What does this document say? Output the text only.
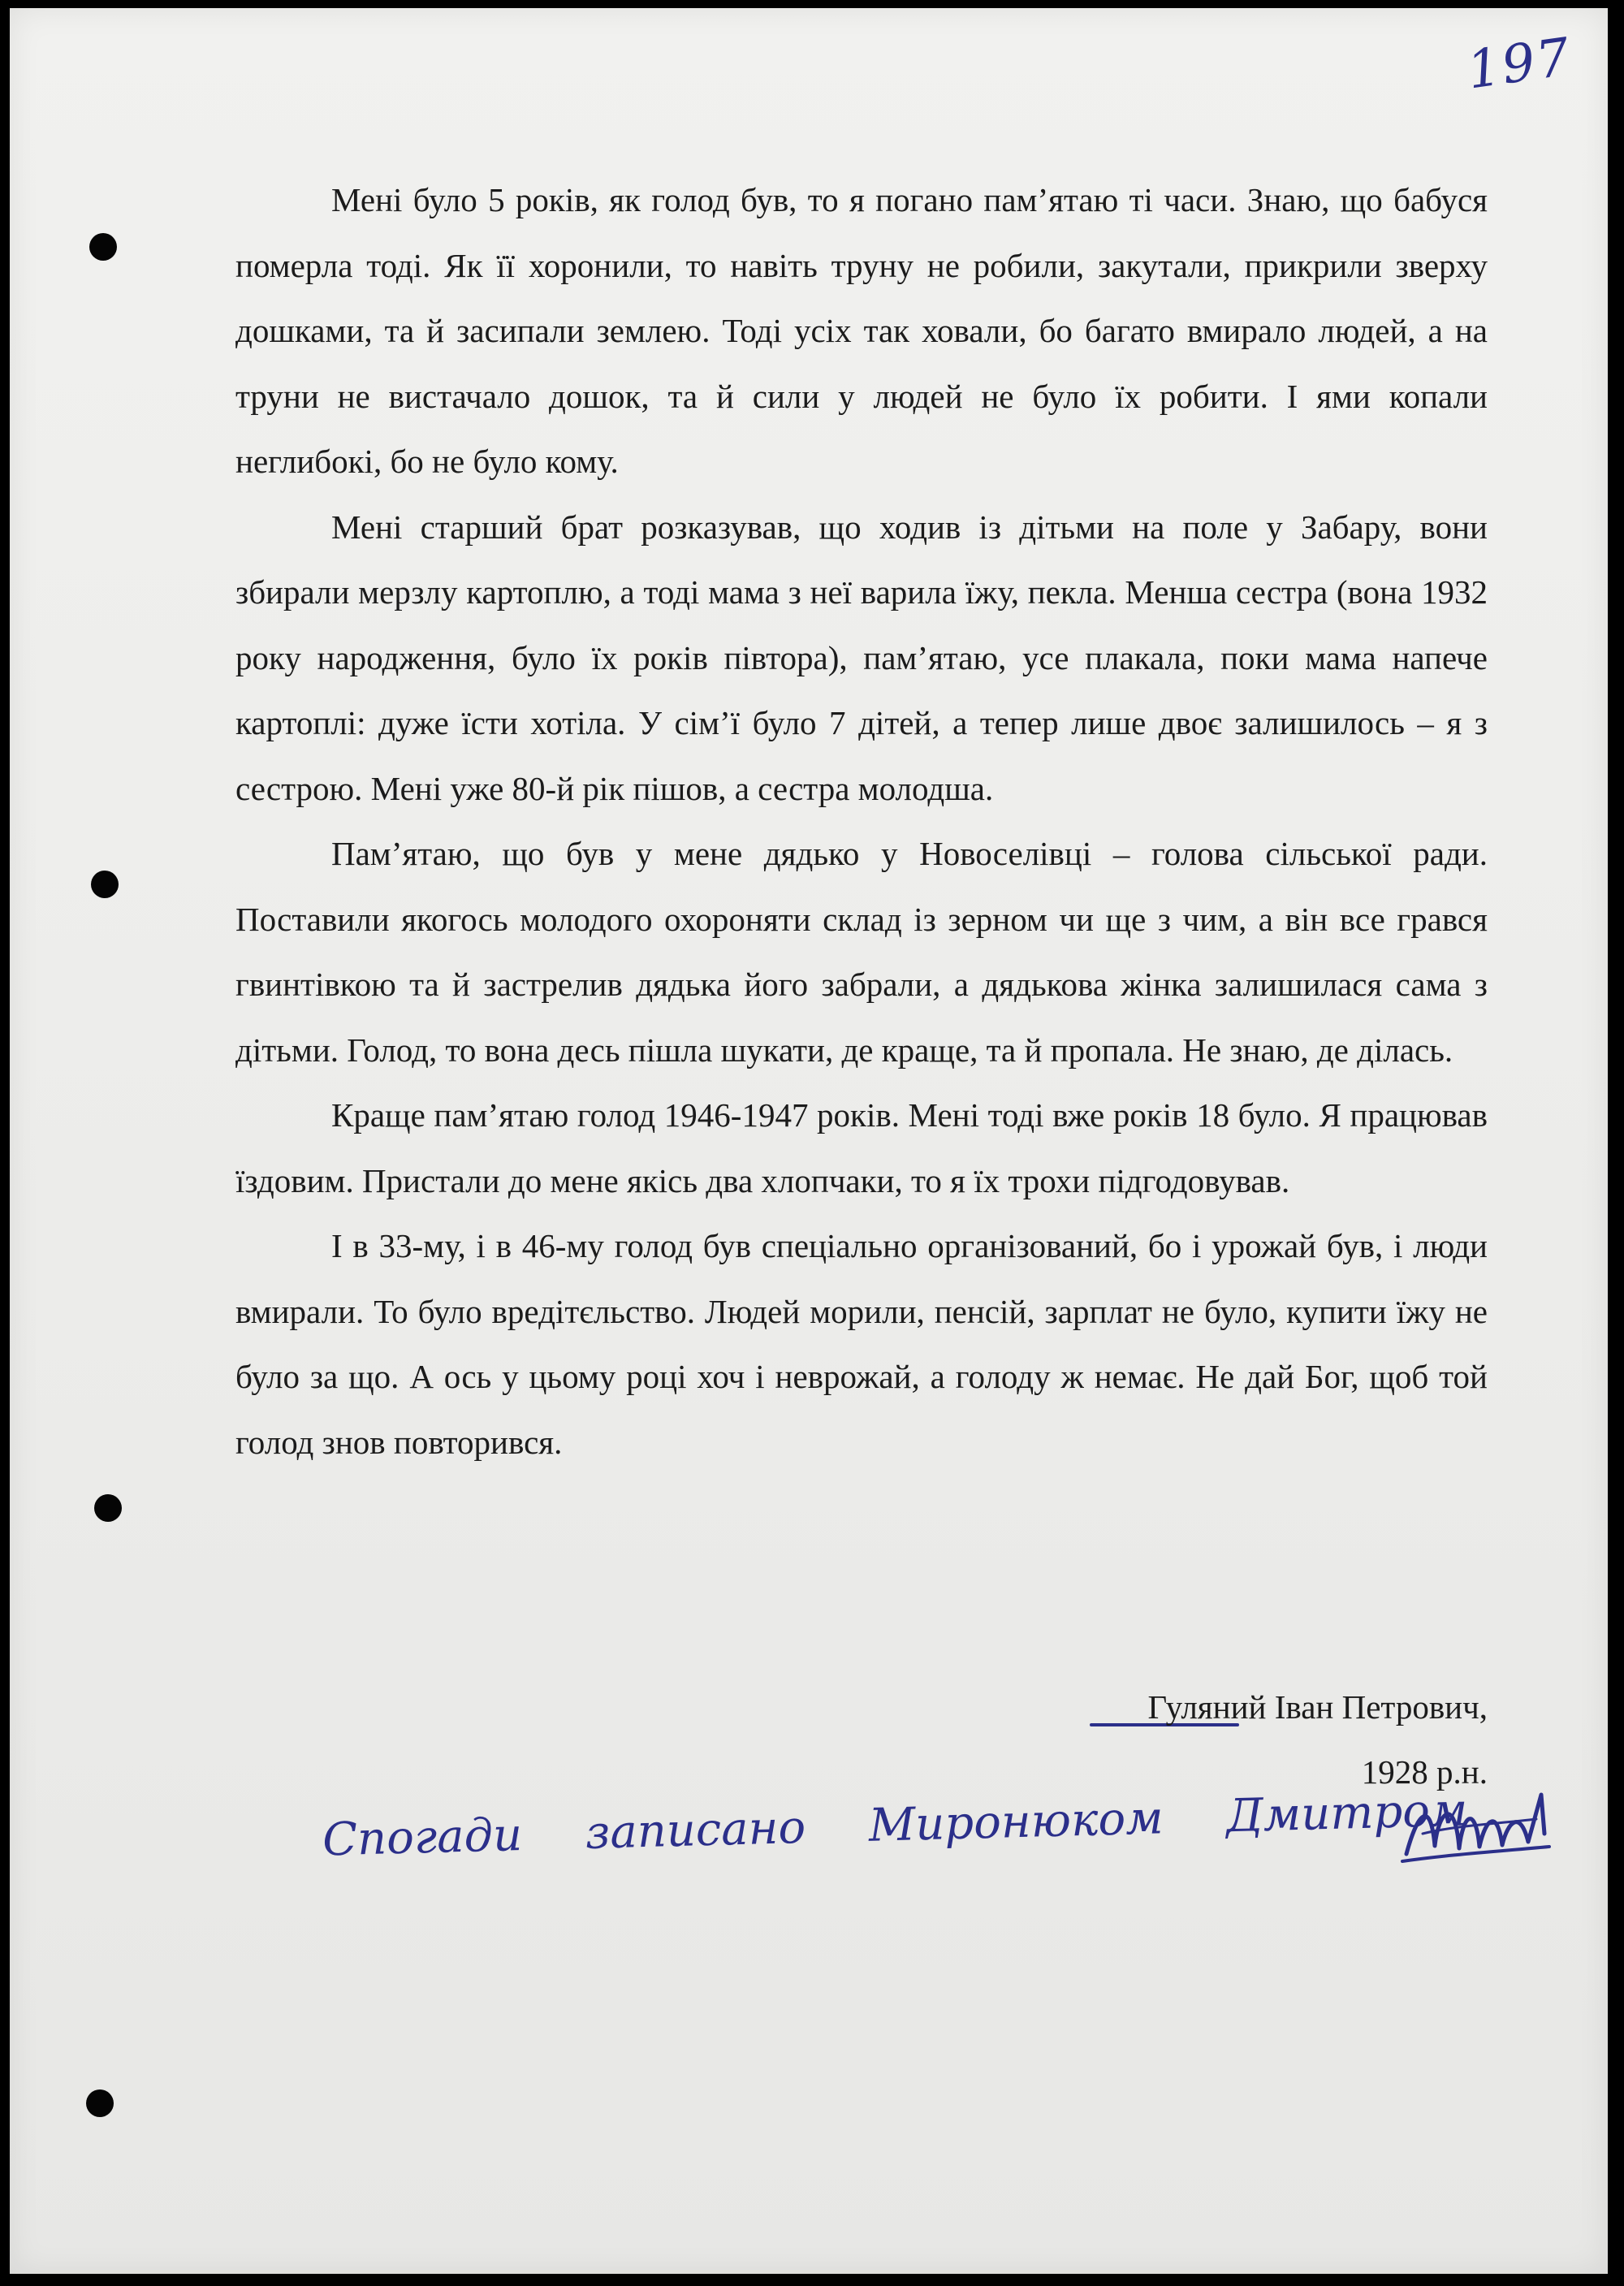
197

Мені було 5 років, як голод був, то я погано пам’ятаю ті часи. Знаю, що бабуся померла тоді. Як її хоронили, то навіть труну не робили, закутали, прикрили зверху дошками, та й засипали землею. Тоді усіх так ховали, бо багато вмирало людей, а на труни не вистачало дошок, та й сили у людей не було їх робити. І ями копали неглибокі, бо не було кому.

Мені старший брат розказував, що ходив із дітьми на поле у Забару, вони збирали мерзлу картоплю, а тоді мама з неї варила їжу, пекла. Менша сестра (вона 1932 року народження, було їх років півтора), пам’ятаю, усе плакала, поки мама напече картоплі: дуже їсти хотіла. У сім’ї було 7 дітей, а тепер лише двоє залишилось – я з сестрою. Мені уже 80-й рік пішов, а сестра молодша.

Пам’ятаю, що був у мене дядько у Новоселівці – голова сільської ради. Поставили якогось молодого охороняти склад із зерном чи ще з чим, а він все грався гвинтівкою та й застрелив дядька його забрали, а дядькова жінка залишилася сама з дітьми. Голод, то вона десь пішла шукати, де краще, та й пропала. Не знаю, де ділась.

Краще пам’ятаю голод 1946-1947 років. Мені тоді вже років 18 було. Я працював їздовим. Пристали до мене якісь два хлопчаки, то я їх трохи підгодовував.

І в 33-му, і в 46-му голод був спеціально організований, бо і урожай був, і люди вмирали. То було вредітєльство. Людей морили, пенсій, зарплат не було, купити їжу не було за що. А ось у цьому році хоч і неврожай, а голоду ж немає. Не дай Бог, щоб той голод знов повторився.

Гуляний Іван Петрович,
1928 р.н.
Спогади записано Миронюком Дмитром
